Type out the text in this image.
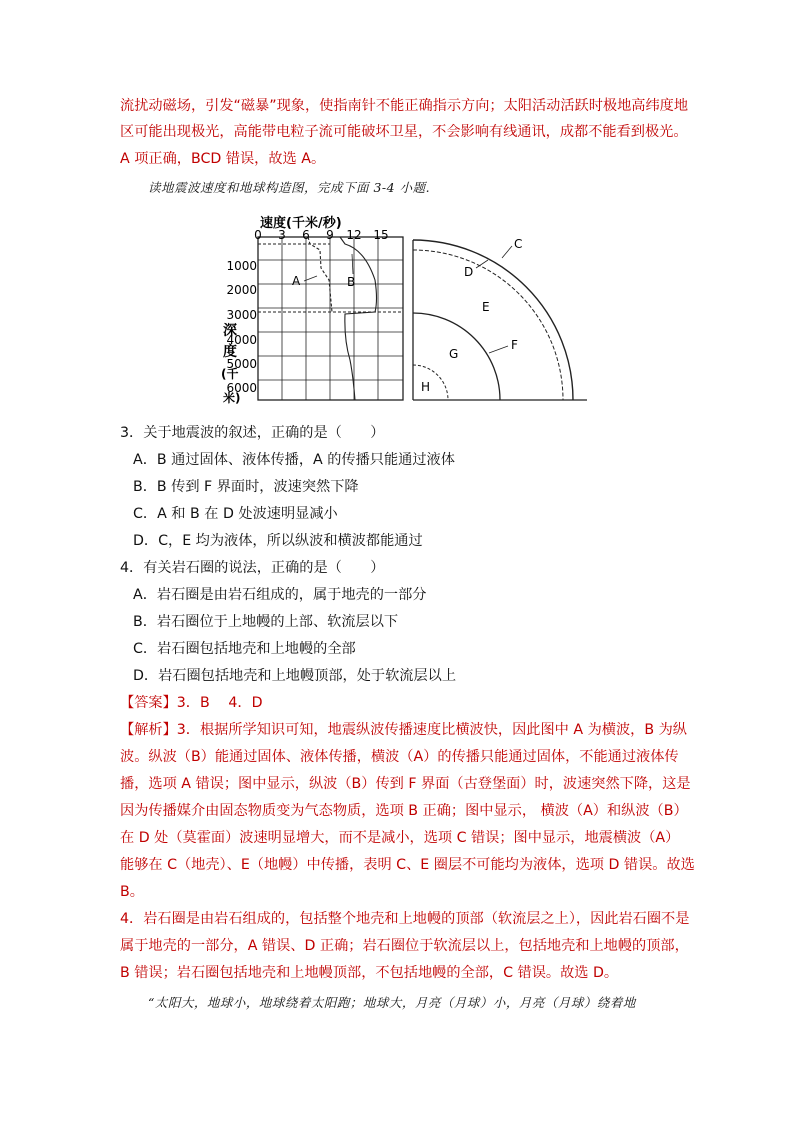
流扰动磁场，引发“磁暴”现象，使指南针不能正确指示方向；太阳活动活跃时极地高纬度地
区可能出现极光，高能带电粒子流可能破坏卫星，不会影响有线通讯，成都不能看到极光。
A 项正确，BCD 错误，故选 A。
读地震波速度和地球构造图，完成下面 3-4 小题.
A	B
速度(千米/秒)
0 3 6 9 12 15
1000
2000
3000
4000
5000
6000
深
度
(千
米)
C
D
E
F
G
H
3．关于地震波的叙述，正确的是（　　）
A．B 通过固体、液体传播，A 的传播只能通过液体
B．B 传到 F 界面时，波速突然下降
C．A 和 B 在 D 处波速明显减小
D．C，E 均为液体，所以纵波和横波都能通过
4．有关岩石圈的说法，正确的是（　　）
A．岩石圈是由岩石组成的，属于地壳的一部分
B．岩石圈位于上地幔的上部、软流层以下
C．岩石圈包括地壳和上地幔的全部
D．岩石圈包括地壳和上地幔顶部，处于软流层以上
【答案】3．B　 4．D
【解析】3．根据所学知识可知，地震纵波传播速度比横波快，因此图中 A 为横波，B 为纵
波。纵波（B）能通过固体、液体传播，横波（A）的传播只能通过固体，不能通过液体传
播，选项 A 错误；图中显示，纵波（B）传到 F 界面（古登堡面）时，波速突然下降，这是
因为传播媒介由固态物质变为气态物质，选项 B 正确；图中显示， 横波（A）和纵波（B）
在 D 处（莫霍面）波速明显增大，而不是减小，选项 C 错误；图中显示，地震横波（A）
能够在 C（地壳）、E（地幔）中传播，表明 C、E 圈层不可能均为液体，选项 D 错误。故选
B。
4．岩石圈是由岩石组成的，包括整个地壳和上地幔的顶部（软流层之上），因此岩石圈不是
属于地壳的一部分，A 错误、D 正确；岩石圈位于软流层以上，包括地壳和上地幔的顶部，
B 错误；岩石圈包括地壳和上地幔顶部，不包括地幔的全部，C 错误。故选 D。
“太阳大，地球小，地球绕着太阳跑；地球大，月亮（月球）小，月亮（月球）绕着地
